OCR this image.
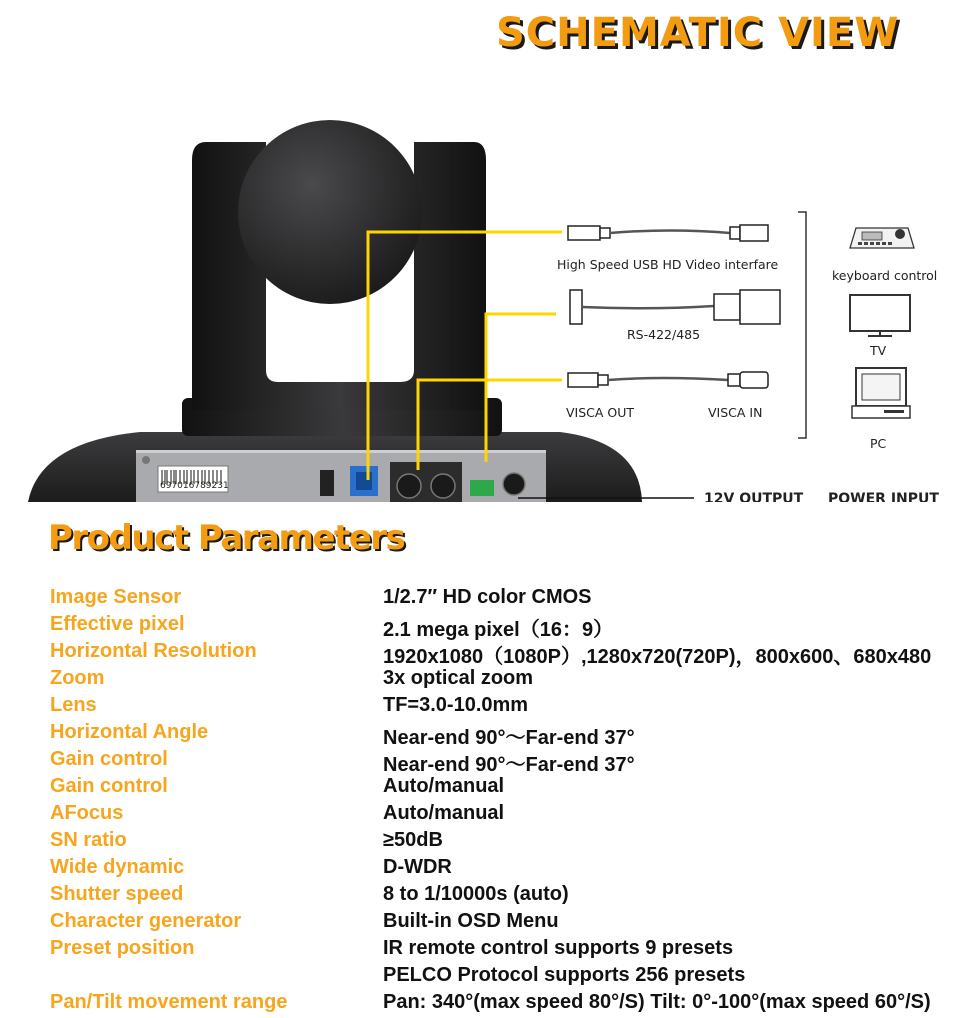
SCHEMATIC VIEW
High Speed USB HD Video interfare
RS-422/485
VISCA OUT	VISCA IN
keyboard control
TV
PC
697016789231
12V OUTPUT POWER INPUT
Product Parameters
Image Sensor	1/2.7″ HD color CMOS
Effective pixel	2.1 mega pixel（16：9）
Horizontal Resolution	1920x1080（1080P）,1280x720(720P)，800x600、680x480
Zoom	3x optical zoom
Lens	TF=3.0-10.0mm
Horizontal Angle	Near-end 90°～Far-end 37°
Gain control	Near-end 90°～Far-end 37°
Gain control	Auto/manual
AFocus	Auto/manual
SN ratio	≥50dB
Wide dynamic	D-WDR
Shutter speed	8 to 1/10000s (auto)
Character generator	Built-in OSD Menu
Preset position	IR remote control supports 9 presets
PELCO Protocol supports 256 presets
Pan/Tilt movement range	Pan: 340°(max speed 80°/S) Tilt: 0°-100°(max speed 60°/S)
